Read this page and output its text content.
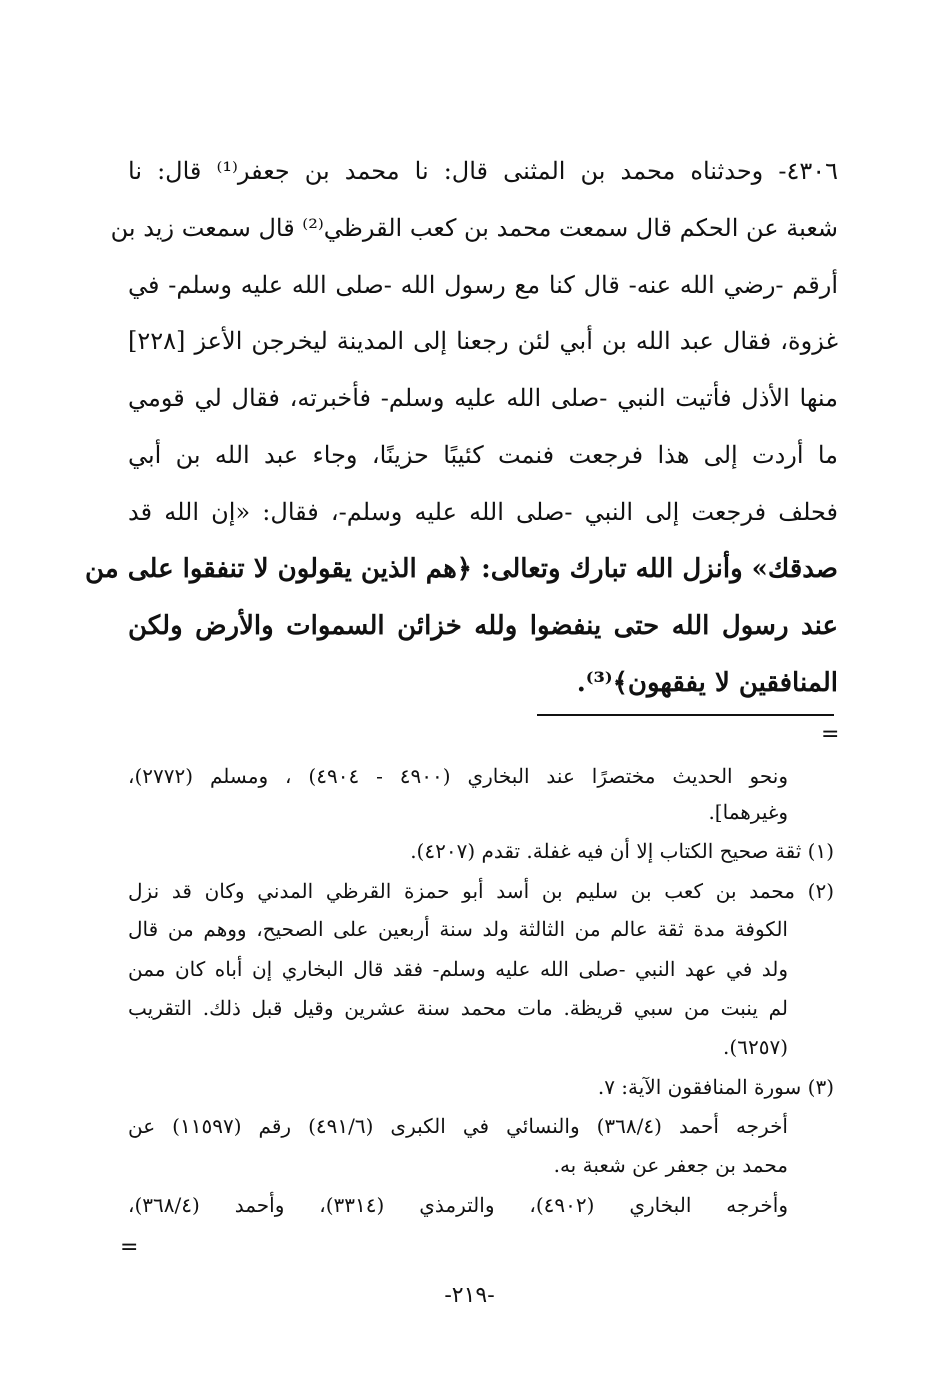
٤٣٠٦- وحدثناه محمد بن المثنى قال: نا محمد بن جعفر⁽¹⁾ قال: نا
شعبة عن الحكم قال سمعت محمد بن كعب القرظي⁽²⁾ قال سمعت زيد بن
أرقم -رضي الله عنه- قال كنا مع رسول الله -صلى الله عليه وسلم- في
غزوة، فقال عبد الله بن أبي لئن رجعنا إلى المدينة ليخرجن الأعز [٢٢٨]
منها الأذل فأتيت النبي -صلى الله عليه وسلم- فأخبرته، فقال لي قومي
ما أردت إلى هذا فرجعت فنمت كئيبًا حزينًا، وجاء عبد الله بن أبي
فحلف فرجعت إلى النبي -صلى الله عليه وسلم-، فقال: «إن الله قد
صدقك» وأنزل الله تبارك وتعالى: ﴿هم الذين يقولون لا تنفقوا على من
عند رسول الله حتى ينفضوا ولله خزائن السموات والأرض ولكن
المنافقين لا يفقهون﴾⁽³⁾.
=
ونحو الحديث مختصرًا عند البخاري (٤٩٠٠ - ٤٩٠٤) ، ومسلم (٢٧٧٢)،
وغيرهما].
(١) ثقة صحيح الكتاب إلا أن فيه غفلة. تقدم (٤٢٠٧).
(٢) محمد بن كعب بن سليم بن أسد أبو حمزة القرظي المدني وكان قد نزل
الكوفة مدة ثقة عالم من الثالثة ولد سنة أربعين على الصحيح، ووهم من قال
ولد في عهد النبي -صلى الله عليه وسلم- فقد قال البخاري إن أباه كان ممن
لم ينبت من سبي قريظة. مات محمد سنة عشرين وقيل قبل ذلك. التقريب
(٦٢٥٧).
(٣) سورة المنافقون الآية: ٧.
أخرجه أحمد (٣٦٨/٤) والنسائي في الكبرى (٤٩١/٦) رقم (١١٥٩٧) عن
محمد بن جعفر عن شعبة به.
وأخرجه البخاري (٤٩٠٢)، والترمذي (٣٣١٤)، وأحمد (٣٦٨/٤)،
=
-٢١٩-
